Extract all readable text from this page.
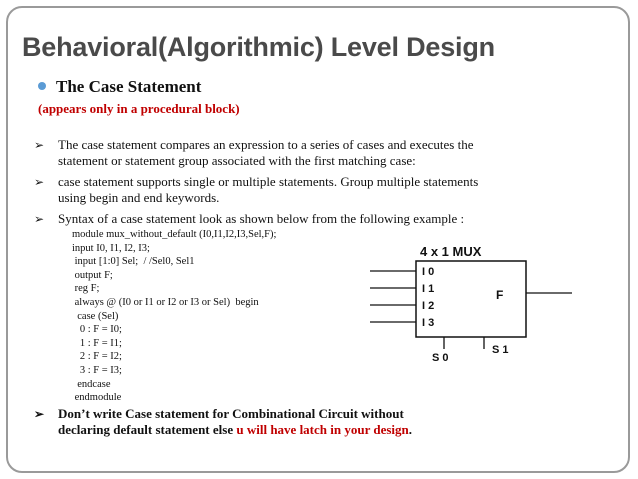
Behavioral(Algorithmic) Level Design
The Case Statement
(appears only in a procedural block)
➢	The case statement compares an expression to a series of cases and executes the
statement or statement group associated with the first matching case:
➢	case statement supports single or multiple statements. Group multiple statements
using begin and end keywords.
➢	Syntax of a case statement look as shown below from the following example :
module mux_without_default (I0,I1,I2,I3,Sel,F);
input I0, I1, I2, I3;
input [1:0] Sel;  / /Sel0, Sel1
output F;
reg F;
always @ (I0 or I1 or I2 or I3 or Sel)  begin
case (Sel)
0 : F = I0;
1 : F = I1;
2 : F = I2;
3 : F = I3;
endcase
endmodule
4 x 1 MUX
I 0
I 1
I 2
I 3
F
S 0
S 1
➢	Don’t write Case statement for Combinational Circuit without
declaring default statement else u will have latch in your design.
